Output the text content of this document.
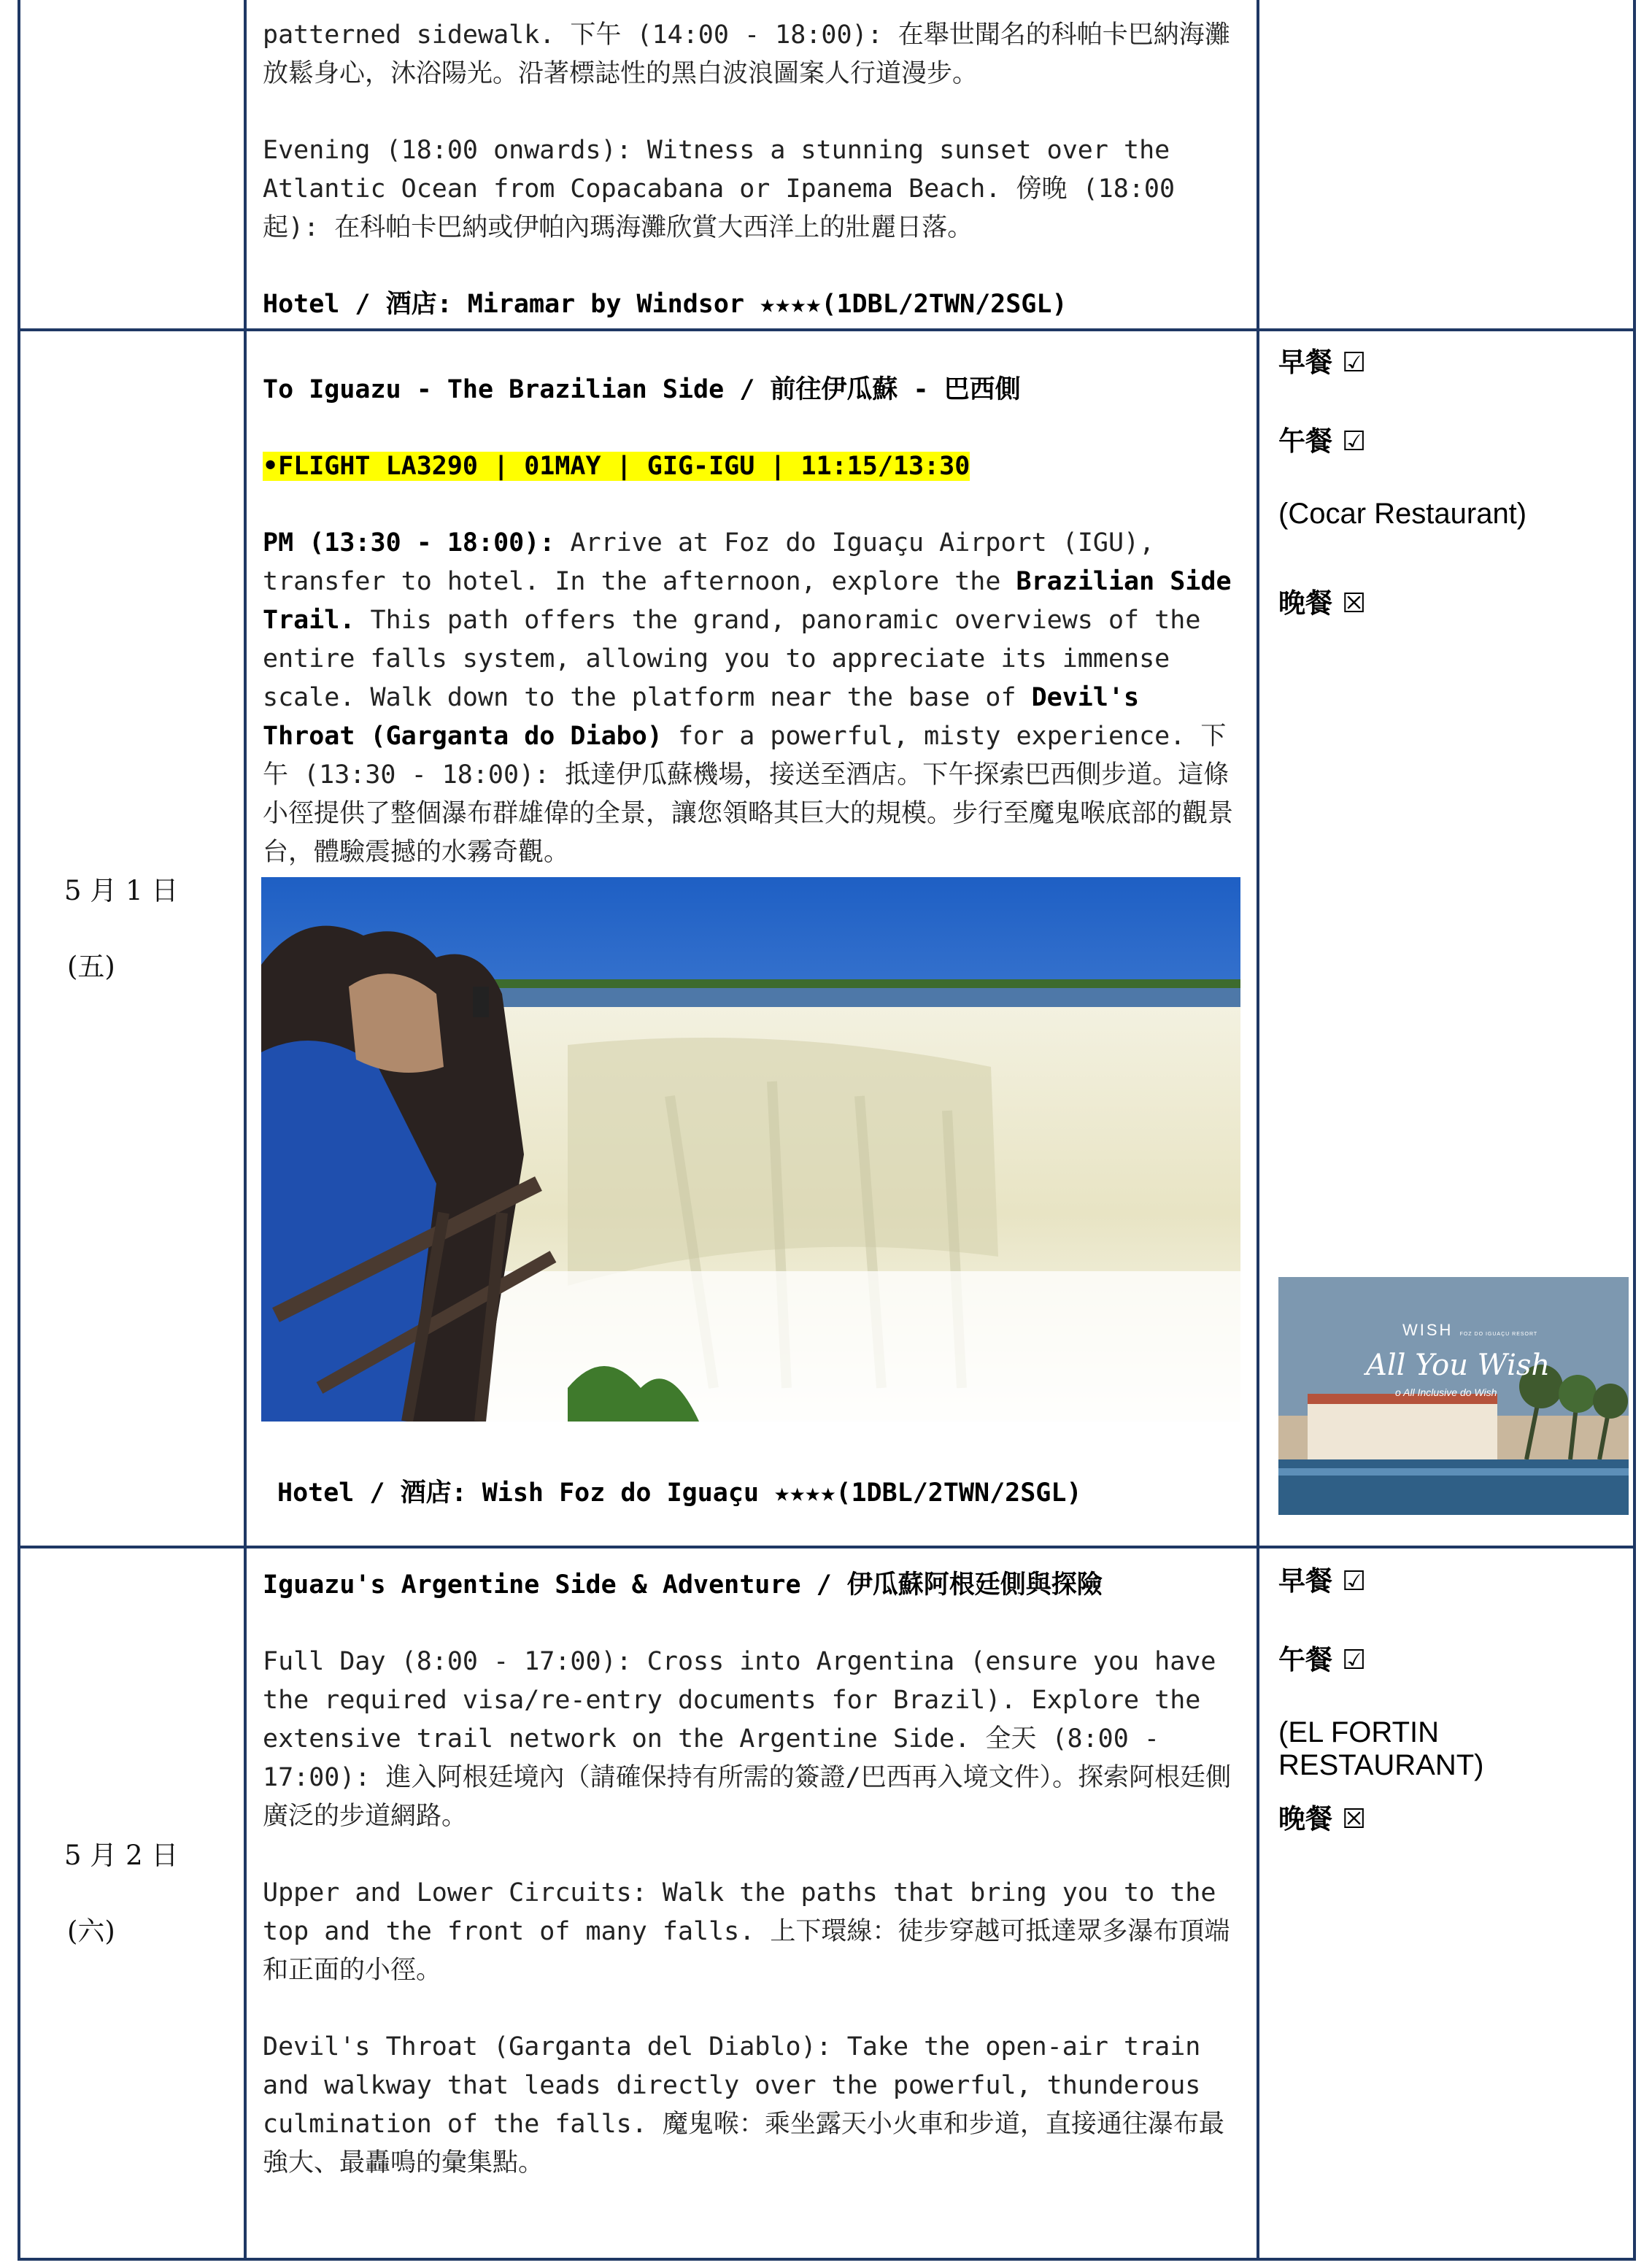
patterned sidewalk. 下午 (14:00 - 18:00): 在舉世聞名的科帕卡巴納海灘放鬆身心，沐浴陽光。沿著標誌性的黑白波浪圖案人行道漫步。

Evening (18:00 onwards): Witness a stunning sunset over the Atlantic Ocean from Copacabana or Ipanema Beach. 傍晚 (18:00 起): 在科帕卡巴納或伊帕內瑪海灘欣賞大西洋上的壯麗日落。

Hotel / 酒店: Miramar by Windsor ★★★★(1DBL/2TWN/2SGL)

5 月 1 日
(五)

To Iguazu - The Brazilian Side / 前往伊瓜蘇 - 巴西側

•FLIGHT LA3290 | 01MAY | GIG-IGU | 11:15/13:30

PM (13:30 - 18:00): Arrive at Foz do Iguaçu Airport (IGU), transfer to hotel. In the afternoon, explore the Brazilian Side Trail. This path offers the grand, panoramic overviews of the entire falls system, allowing you to appreciate its immense scale. Walk down to the platform near the base of Devil's Throat (Garganta do Diabo) for a powerful, misty experience. 下午 (13:30 - 18:00): 抵達伊瓜蘇機場，接送至酒店。下午探索巴西側步道。這條小徑提供了整個瀑布群雄偉的全景，讓您領略其巨大的規模。步行至魔鬼喉底部的觀景台，體驗震撼的水霧奇觀。

Hotel / 酒店: Wish Foz do Iguaçu ★★★★(1DBL/2TWN/2SGL)
早餐 ☑
午餐 ☑
(Cocar Restaurant)
晚餐 ☒
WISH FOZ DO IGUAÇU RESORT
All You Wish
o All Inclusive do Wish
5 月 2 日
(六)

Iguazu's Argentine Side & Adventure / 伊瓜蘇阿根廷側與探險

Full Day (8:00 - 17:00): Cross into Argentina (ensure you have the required visa/re-entry documents for Brazil). Explore the extensive trail network on the Argentine Side. 全天 (8:00 - 17:00): 進入阿根廷境內（請確保持有所需的簽證/巴西再入境文件）。探索阿根廷側廣泛的步道網路。

Upper and Lower Circuits: Walk the paths that bring you to the top and the front of many falls. 上下環線：徒步穿越可抵達眾多瀑布頂端和正面的小徑。

Devil's Throat (Garganta del Diablo): Take the open-air train and walkway that leads directly over the powerful, thunderous culmination of the falls. 魔鬼喉：乘坐露天小火車和步道，直接通往瀑布最強大、最轟鳴的彙集點。

早餐 ☑
午餐 ☑
(EL FORTIN RESTAURANT)
晚餐 ☒
